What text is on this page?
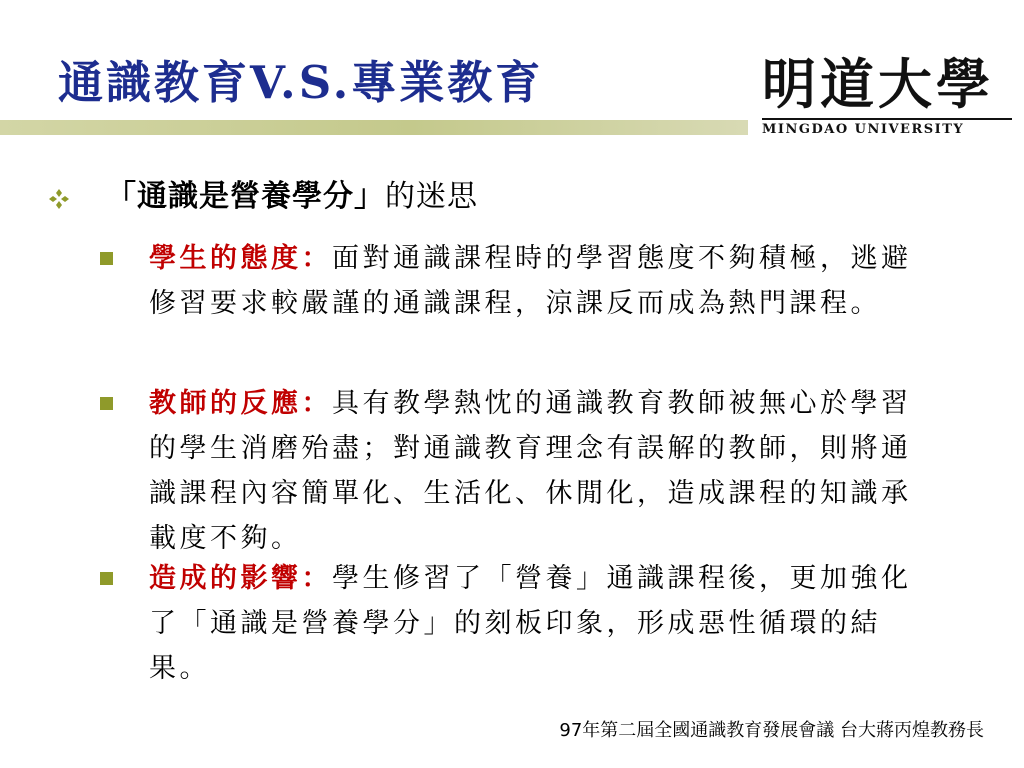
通識教育V.S.專業教育	明道大學
MINGDAO UNIVERSITY
「通識是營養學分」的迷思
學生的態度：面對通識課程時的學習態度不夠積極，逃避修習要求較嚴謹的通識課程，涼課反而成為熱門課程。
教師的反應：具有教學熱忱的通識教育教師被無心於學習的學生消磨殆盡；對通識教育理念有誤解的教師，則將通識課程內容簡單化、生活化、休閒化，造成課程的知識承載度不夠。
造成的影響：學生修習了「營養」通識課程後，更加強化了「通識是營養學分」的刻板印象，形成惡性循環的結果。
97年第二屆全國通識教育發展會議 台大蔣丙煌教務長
